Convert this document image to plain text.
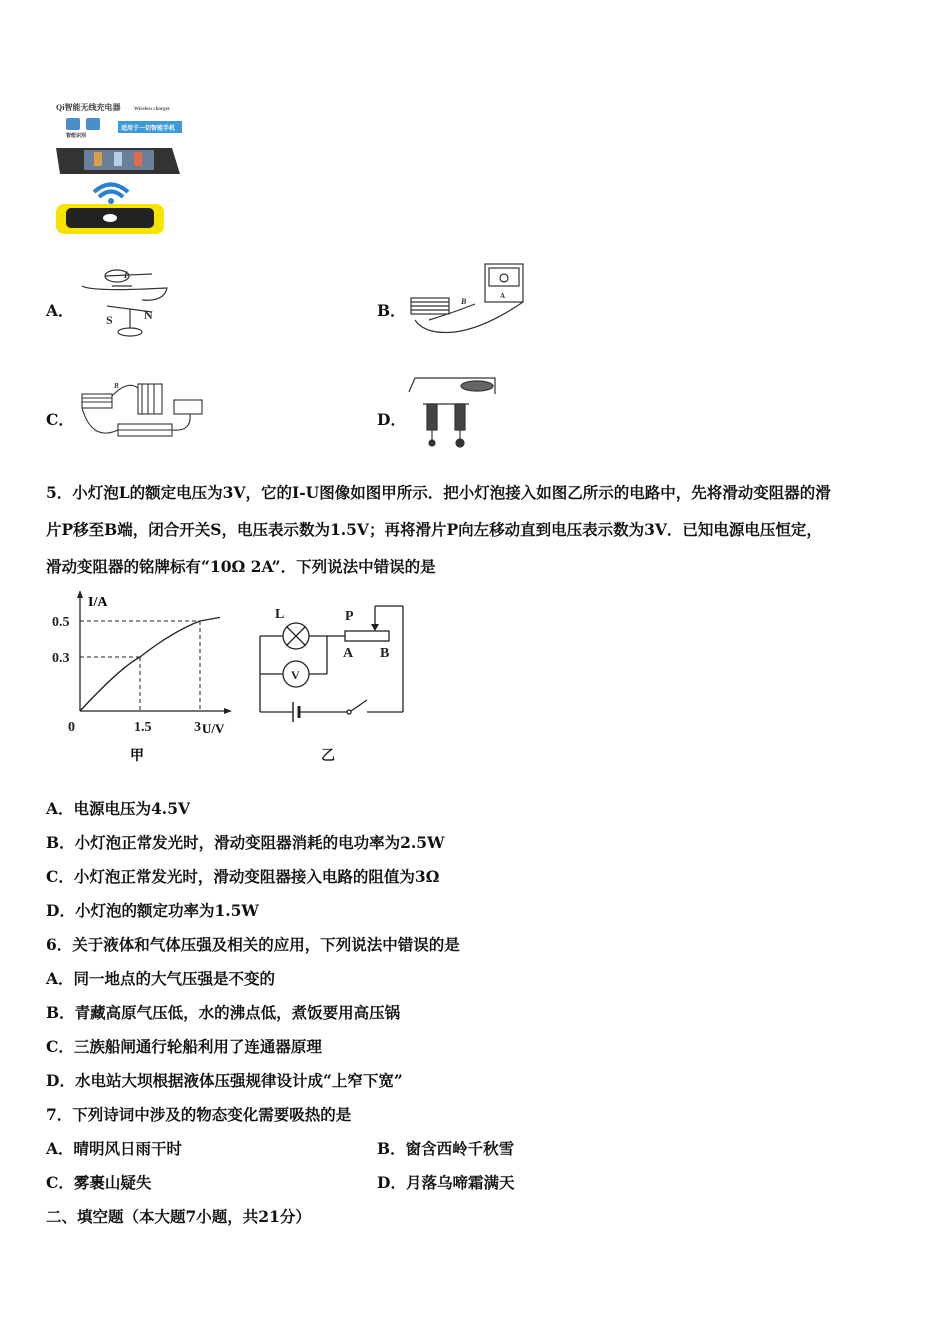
Qi智能无线充电器	Wireless charger
智能识别
适用于一切智能手机
A．	S	N
I
B．
A
B
C．
B
D．
5．小灯泡L的额定电压为3V，它的I-U图像如图甲所示．把小灯泡接入如图乙所示的电路中，先将滑动变阻器的滑
片P移至B端，闭合开关S，电压表示数为1.5V；再将滑片P向左移动直到电压表示数为3V．已知电源电压恒定，
滑动变阻器的铭牌标有“10Ω 2A”．下列说法中错误的是
0	1.5	3
0.3
0.5
I/A
U/V
甲
L	P
A B
V
乙
A．电源电压为4.5V
B．小灯泡正常发光时，滑动变阻器消耗的电功率为2.5W
C．小灯泡正常发光时，滑动变阻器接入电路的阻值为3Ω
D．小灯泡的额定功率为1.5W
6．关于液体和气体压强及相关的应用，下列说法中错误的是
A．同一地点的大气压强是不变的
B．青藏高原气压低，水的沸点低，煮饭要用高压锅
C．三族船闸通行轮船利用了连通器原理
D．水电站大坝根据液体压强规律设计成“上窄下宽”
7．下列诗词中涉及的物态变化需要吸热的是
A．晴明风日雨干时	B．窗含西岭千秋雪
C．雾裹山疑失	D．月落乌啼霜满天
二、填空题（本大题7小题，共21分）
